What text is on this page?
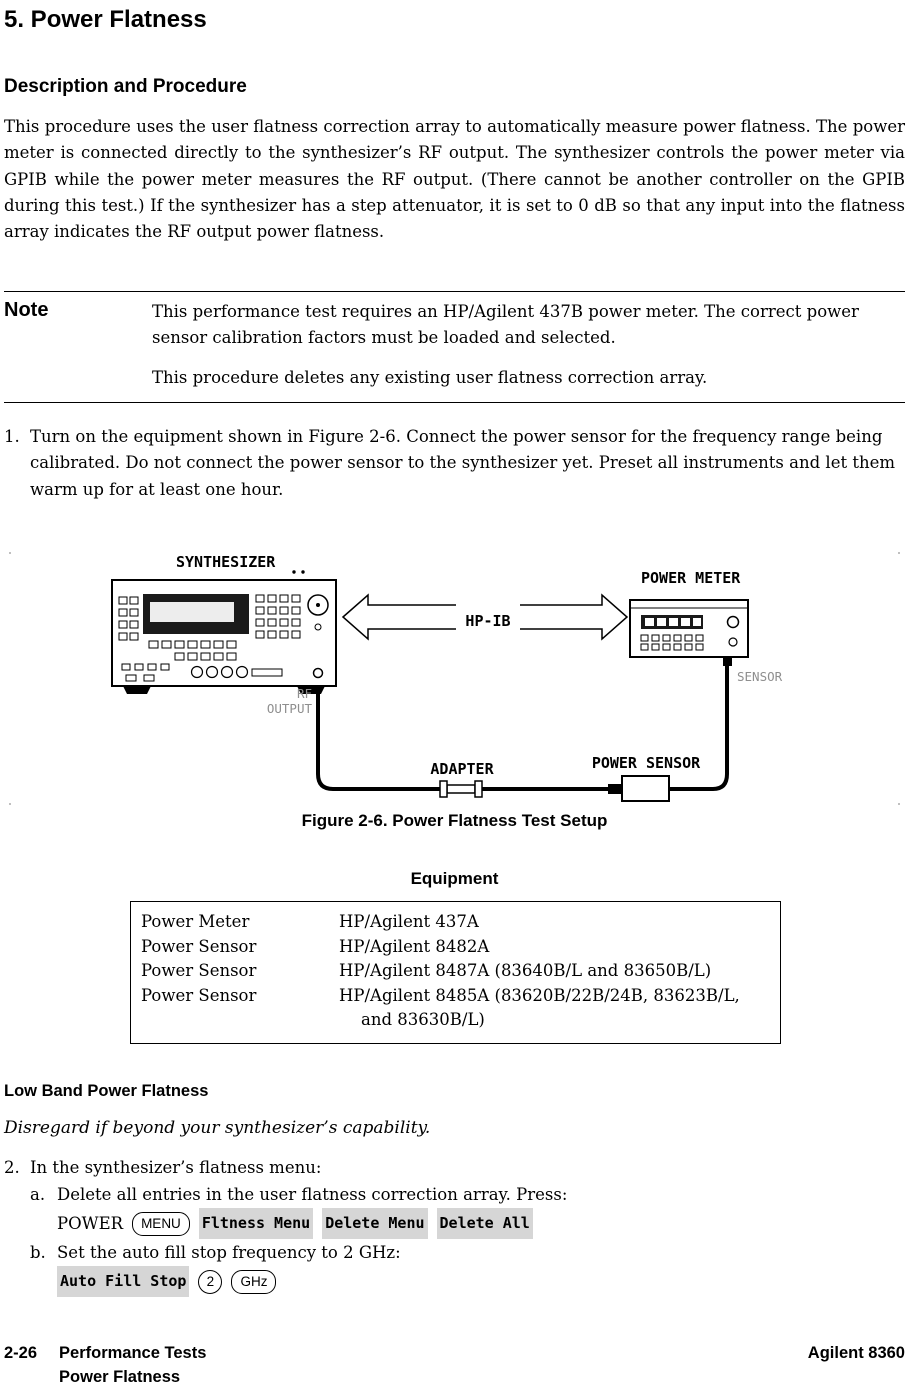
5. Power Flatness
Description and Procedure

This procedure uses the user flatness correction array to automatically measure power flatness. The power meter is connected directly to the synthesizer’s RF output. The synthesizer controls the power meter via GPIB while the power meter measures the RF output. (There cannot be another controller on the GPIB during this test.) If the synthesizer has a step attenuator, it is set to 0 dB so that any input into the flatness array indicates the RF output power flatness.

Note	This performance test requires an HP/Agilent 437B power meter. The correct power sensor calibration factors must be loaded and selected.

This procedure deletes any existing user flatness correction array.

1. Turn on the equipment shown in Figure 2-6. Connect the power sensor for the frequency range being calibrated. Do not connect the power sensor to the synthesizer yet. Preset all instruments and let them warm up for at least one hour.
SYNTHESIZER
POWER METER
HP-IB
SENSOR
RF
OUTPUT
ADAPTER	POWER SENSOR
Figure 2-6. Power Flatness Test Setup
Equipment
Power Meter	HP/Agilent 437A
Power Sensor	HP/Agilent 8482A
Power Sensor	HP/Agilent 8487A (83640B/L and 83650B/L)
Power Sensor	HP/Agilent 8485A (83620B/22B/24B, 83623B/L,
and 83630B/L)
Low Band Power Flatness
Disregard if beyond your synthesizer’s capability.
2. In the synthesizer’s flatness menu:
a. Delete all entries in the user flatness correction array. Press:
POWER	MENU	Fltness Menu Delete Menu Delete All
b. Set the auto fill stop frequency to 2 GHz:
Auto Fill Stop	2	GHz
2-26 Performance Tests
Power Flatness
Agilent 8360
